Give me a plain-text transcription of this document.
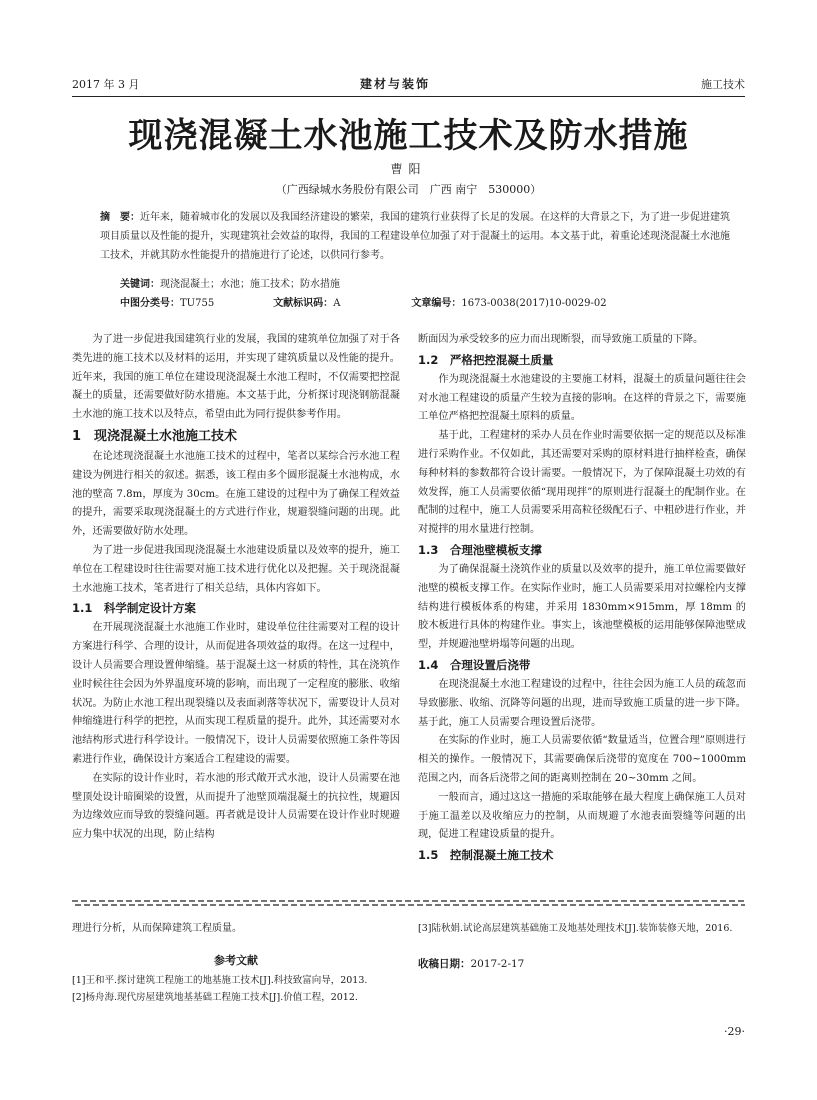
2017 年 3 月	建材与装饰	施工技术
现浇混凝土水池施工技术及防水措施
曹阳
（广西绿城水务股份有限公司　广西 南宁　530000）
摘　要：近年来，随着城市化的发展以及我国经济建设的繁荣，我国的建筑行业获得了长足的发展。在这样的大背景之下，为了进一步促进建筑项目质量以及性能的提升，实现建筑社会效益的取得，我国的工程建设单位加强了对于混凝土的运用。本文基于此，着重论述现浇混凝土水池施工技术，并就其防水性能提升的措施进行了论述，以供同行参考。
关键词：现浇混凝土；水池；施工技术；防水措施
中图分类号：TU755	文献标识码：A	文章编号：1673-0038(2017)10-0029-02

为了进一步促进我国建筑行业的发展，我国的建筑单位加强了对于各类先进的施工技术以及材料的运用，并实现了建筑质量以及性能的提升。近年来，我国的施工单位在建设现浇混凝土水池工程时，不仅需要把控混凝土的质量，还需要做好防水措施。本文基于此，分析探讨现浇钢筋混凝土水池的施工技术以及特点，希望由此为同行提供参考作用。

1　现浇混凝土水池施工技术

在论述现浇混凝土水池施工技术的过程中，笔者以某综合污水池工程建设为例进行相关的叙述。据悉，该工程由多个圆形混凝土水池构成，水池的壁高 7.8m，厚度为 30cm。在施工建设的过程中为了确保工程效益的提升，需要采取现浇混凝土的方式进行作业，规避裂缝问题的出现。此外，还需要做好防水处理。

为了进一步促进我国现浇混凝土水池建设质量以及效率的提升，施工单位在工程建设时往往需要对施工技术进行优化以及把握。关于现浇混凝土水池施工技术，笔者进行了相关总结，具体内容如下。

1.1　科学制定设计方案

在开展现浇混凝土水池施工作业时，建设单位往往需要对工程的设计方案进行科学、合理的设计，从而促进各项效益的取得。在这一过程中，设计人员需要合理设置伸缩缝。基于混凝土这一材质的特性，其在浇筑作业时候往往会因为外界温度环境的影响，而出现了一定程度的膨胀、收缩状况。为防止水池工程出现裂缝以及表面剥落等状况下，需要设计人员对伸缩缝进行科学的把控，从而实现工程质量的提升。此外，其还需要对水池结构形式进行科学设计。一般情况下，设计人员需要依照施工条件等因素进行作业，确保设计方案适合工程建设的需要。

在实际的设计作业时，若水池的形式敞开式水池，设计人员需要在池壁顶处设计暗圈梁的设置，从而提升了池壁顶端混凝土的抗拉性，规避因为边缘效应而导致的裂缝问题。再者就是设计人员需要在设计作业时规避应力集中状况的出现，防止结构

断面因为承受较多的应力而出现断裂，而导致施工质量的下降。

1.2　严格把控混凝土质量

作为现浇混凝土水池建设的主要施工材料，混凝土的质量问题往往会对水池工程建设的质量产生较为直接的影响。在这样的背景之下，需要施工单位严格把控混凝土原料的质量。

基于此，工程建材的采办人员在作业时需要依据一定的规范以及标准进行采购作业。不仅如此，其还需要对采购的原材料进行抽样检查，确保每种材料的参数都符合设计需要。一般情况下，为了保障混凝土功效的有效发挥，施工人员需要依循“现用现拌”的原则进行混凝土的配制作业。在配制的过程中，施工人员需要采用高粒径级配石子、中粗砂进行作业，并对搅拌的用水量进行控制。

1.3　合理池壁模板支撑

为了确保混凝土浇筑作业的质量以及效率的提升，施工单位需要做好池壁的模板支撑工作。在实际作业时，施工人员需要采用对拉螺栓内支撑结构进行模板体系的构建，并采用 1830mm×915mm，厚 18mm 的胶木板进行具体的构建作业。事实上，该池壁模板的运用能够保障池壁成型，并规避池壁坍塌等问题的出现。

1.4　合理设置后浇带

在现浇混凝土水池工程建设的过程中，往往会因为施工人员的疏忽而导致膨胀、收缩、沉降等问题的出现，进而导致施工质量的进一步下降。基于此，施工人员需要合理设置后浇带。

在实际的作业时，施工人员需要依循“数量适当，位置合理”原则进行相关的操作。一般情况下，其需要确保后浇带的宽度在 700~1000mm 范围之内，而各后浇带之间的距离则控制在 20~30mm 之间。

一般而言，通过这这一措施的采取能够在最大程度上确保施工人员对于施工温差以及收缩应力的控制，从而规避了水池表面裂缝等问题的出现，促进工程建设质量的提升。

1.5　控制混凝土施工技术
理进行分析，从而保障建筑工程质量。
参考文献
[1]王和平.探讨建筑工程施工的地基施工技术[J].科技致富向导，2013.
[2]杨舟海.现代房屋建筑地基基础工程施工技术[J].价值工程，2012.
[3]陆秋娟.试论高层建筑基础施工及地基处理技术[J].装饰装修天地，2016.
收稿日期：2017-2-17
·29·
